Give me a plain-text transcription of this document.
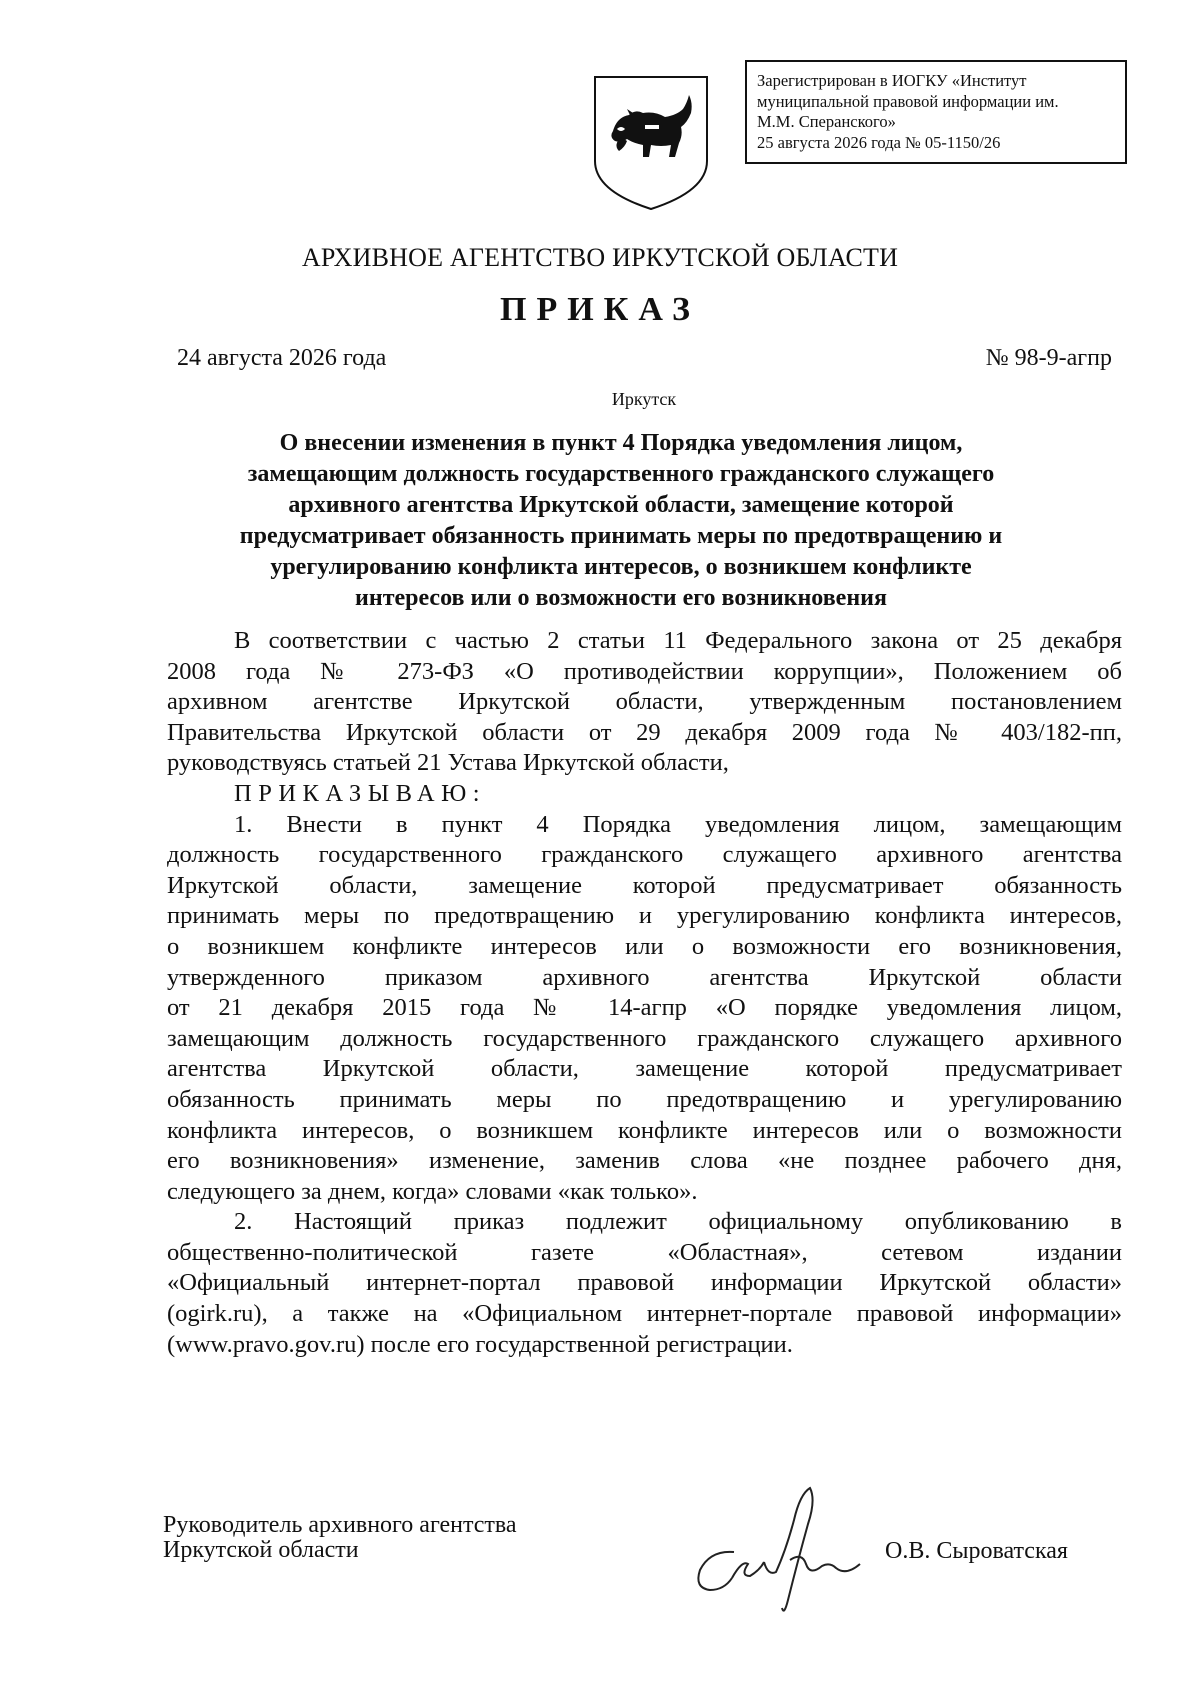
Зарегистрирован в ИОГКУ «Институт
муниципальной правовой информации им.
М.М. Сперанского»
25 августа 2026 года № 05-1150/26
АРХИВНОЕ АГЕНТСТВО ИРКУТСКОЙ ОБЛАСТИ
ПРИКАЗ
24 августа 2026 года	№ 98-9-агпр
Иркутск
О внесении изменения в пункт 4 Порядка уведомления лицом,
замещающим должность государственного гражданского служащего
архивного агентства Иркутской области, замещение которой
предусматривает обязанность принимать меры по предотвращению и
урегулированию конфликта интересов, о возникшем конфликте
интересов или о возможности его возникновения
В соответствии с частью 2 статьи 11 Федерального закона от 25 декабря
2008 года № 273-ФЗ «О противодействии коррупции», Положением об
архивном агентстве Иркутской области, утвержденным постановлением
Правительства Иркутской области от 29 декабря 2009 года № 403/182-пп,
руководствуясь статьей 21 Устава Иркутской области,
ПРИКАЗЫВАЮ:
1. Внести в пункт 4 Порядка уведомления лицом, замещающим
должность государственного гражданского служащего архивного агентства
Иркутской области, замещение которой предусматривает обязанность
принимать меры по предотвращению и урегулированию конфликта интересов,
о возникшем конфликте интересов или о возможности его возникновения,
утвержденного приказом архивного агентства Иркутской области
от 21 декабря 2015 года № 14-агпр «О порядке уведомления лицом,
замещающим должность государственного гражданского служащего архивного
агентства Иркутской области, замещение которой предусматривает
обязанность принимать меры по предотвращению и урегулированию
конфликта интересов, о возникшем конфликте интересов или о возможности
его возникновения» изменение, заменив слова «не позднее рабочего дня,
следующего за днем, когда» словами «как только».
2. Настоящий приказ подлежит официальному опубликованию в
общественно-политической газете «Областная», сетевом издании
«Официальный интернет-портал правовой информации Иркутской области»
(ogirk.ru), а также на «Официальном интернет-портале правовой информации»
(www.pravo.gov.ru) после его государственной регистрации.
Руководитель архивного агентства
Иркутской области	О.В. Сыроватская
